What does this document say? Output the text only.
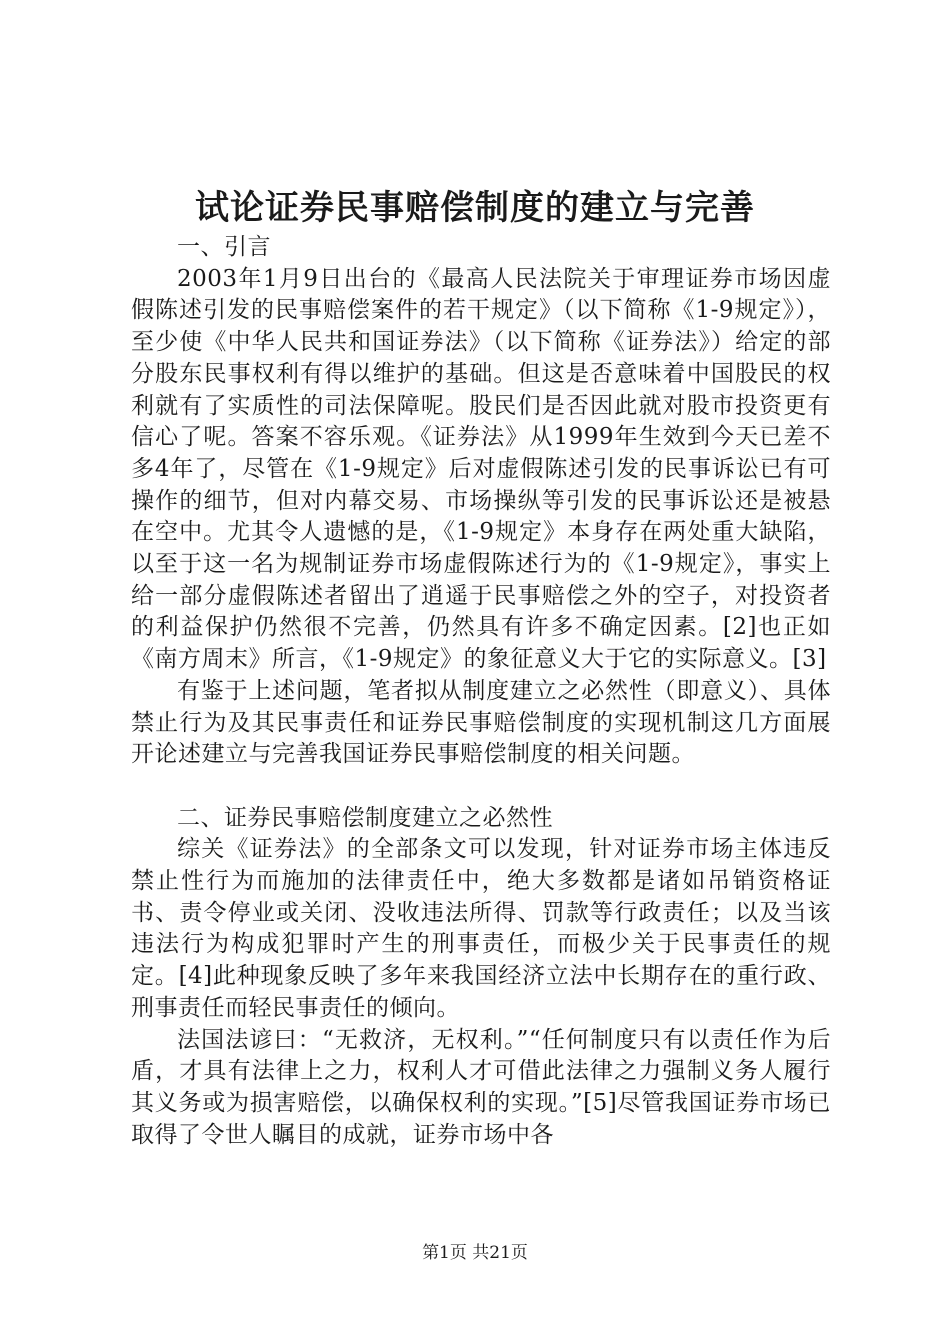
试论证券民事赔偿制度的建立与完善

一、引言

2003年1月9日出台的《最高人民法院关于审理证券市场因虚假陈述引发的民事赔偿案件的若干规定》（以下简称《1-9规定》），至少使《中华人民共和国证券法》（以下简称《证券法》）给定的部分股东民事权利有得以维护的基础。但这是否意味着中国股民的权利就有了实质性的司法保障呢。股民们是否因此就对股市投资更有信心了呢。答案不容乐观。《证券法》从1999年生效到今天已差不多4年了，尽管在《1-9规定》后对虚假陈述引发的民事诉讼已有可操作的细节，但对内幕交易、市场操纵等引发的民事诉讼还是被悬在空中。尤其令人遗憾的是，《1-9规定》本身存在两处重大缺陷，以至于这一名为规制证券市场虚假陈述行为的《1-9规定》，事实上给一部分虚假陈述者留出了逍遥于民事赔偿之外的空子，对投资者的利益保护仍然很不完善，仍然具有许多不确定因素。[2]也正如《南方周末》所言，《1-9规定》的象征意义大于它的实际意义。[3]

有鉴于上述问题，笔者拟从制度建立之必然性（即意义）、具体禁止行为及其民事责任和证券民事赔偿制度的实现机制这几方面展开论述建立与完善我国证券民事赔偿制度的相关问题。

二、证券民事赔偿制度建立之必然性

综关《证券法》的全部条文可以发现，针对证券市场主体违反禁止性行为而施加的法律责任中，绝大多数都是诸如吊销资格证书、责令停业或关闭、没收违法所得、罚款等行政责任；以及当该违法行为构成犯罪时产生的刑事责任，而极少关于民事责任的规定。[4]此种现象反映了多年来我国经济立法中长期存在的重行政、刑事责任而轻民事责任的倾向。

法国法谚曰：“无救济，无权利。”“任何制度只有以责任作为后盾，才具有法律上之力，权利人才可借此法律之力强制义务人履行其义务或为损害赔偿，以确保权利的实现。”[5]尽管我国证券市场已取得了令世人瞩目的成就，证券市场中各

第1页 共21页
